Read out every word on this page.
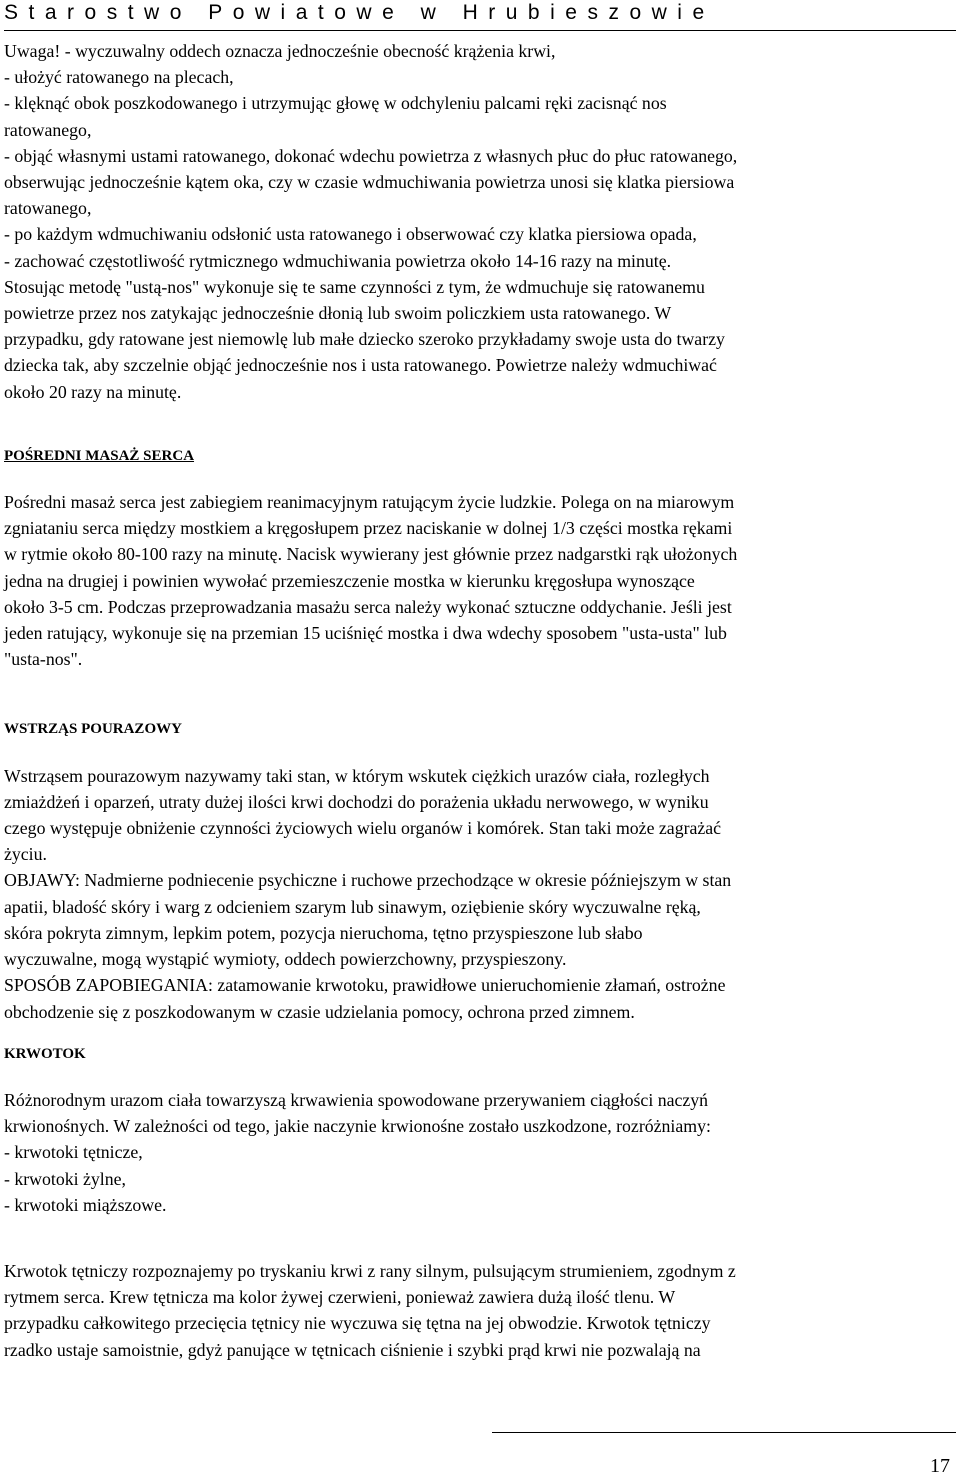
Starostwo Powiatowe w Hrubieszowie
Uwaga! - wyczuwalny oddech oznacza jednocześnie obecność krążenia krwi,
- ułożyć ratowanego na plecach,
- klęknąć obok poszkodowanego i utrzymując głowę w odchyleniu palcami ręki zacisnąć nos
ratowanego,
- objąć własnymi ustami ratowanego, dokonać wdechu powietrza z własnych płuc do płuc ratowanego,
obserwując jednocześnie kątem oka, czy w czasie wdmuchiwania powietrza unosi się klatka piersiowa
ratowanego,
- po każdym wdmuchiwaniu odsłonić usta ratowanego i obserwować czy klatka piersiowa opada,
- zachować częstotliwość rytmicznego wdmuchiwania powietrza około 14-16 razy na minutę.
Stosując metodę "ustą-nos" wykonuje się te same czynności z tym, że wdmuchuje się ratowanemu
powietrze przez nos zatykając jednocześnie dłonią lub swoim policzkiem usta ratowanego. W
przypadku, gdy ratowane jest niemowlę lub małe dziecko szeroko przykładamy swoje usta do twarzy
dziecka tak, aby szczelnie objąć jednocześnie nos i usta ratowanego. Powietrze należy wdmuchiwać
około 20 razy na minutę.
POŚREDNI MASAŻ SERCA
Pośredni masaż serca jest zabiegiem reanimacyjnym ratującym życie ludzkie. Polega on na miarowym
zgniataniu serca między mostkiem a kręgosłupem przez naciskanie w dolnej 1/3 części mostka rękami
w rytmie około 80-100 razy na minutę. Nacisk wywierany jest głównie przez nadgarstki rąk ułożonych
jedna na drugiej i powinien wywołać przemieszczenie mostka w kierunku kręgosłupa wynoszące
około 3-5 cm. Podczas przeprowadzania masażu serca należy wykonać sztuczne oddychanie. Jeśli jest
jeden ratujący, wykonuje się na przemian 15 uciśnięć mostka i dwa wdechy sposobem "usta-usta" lub
"usta-nos".
WSTRZĄS POURAZOWY
Wstrząsem pourazowym nazywamy taki stan, w którym wskutek ciężkich urazów ciała, rozległych
zmiażdżeń i oparzeń, utraty dużej ilości krwi dochodzi do porażenia układu nerwowego, w wyniku
czego występuje obniżenie czynności życiowych wielu organów i komórek. Stan taki może zagrażać
życiu.
OBJAWY: Nadmierne podniecenie psychiczne i ruchowe przechodzące w okresie późniejszym w stan
apatii, bladość skóry i warg z odcieniem szarym lub sinawym, oziębienie skóry wyczuwalne ręką,
skóra pokryta zimnym, lepkim potem, pozycja nieruchoma, tętno przyspieszone lub słabo
wyczuwalne, mogą wystąpić wymioty, oddech powierzchowny, przyspieszony.
SPOSÓB ZAPOBIEGANIA: zatamowanie krwotoku, prawidłowe unieruchomienie złamań, ostrożne
obchodzenie się z poszkodowanym w czasie udzielania pomocy, ochrona przed zimnem.
KRWOTOK
Różnorodnym urazom ciała towarzyszą krwawienia spowodowane przerywaniem ciągłości naczyń
krwionośnych. W zależności od tego, jakie naczynie krwionośne zostało uszkodzone, rozróżniamy:
- krwotoki tętnicze,
- krwotoki żylne,
- krwotoki miąższowe.
Krwotok tętniczy rozpoznajemy po tryskaniu krwi z rany silnym, pulsującym strumieniem, zgodnym z
rytmem serca. Krew tętnicza ma kolor żywej czerwieni, ponieważ zawiera dużą ilość tlenu. W
przypadku całkowitego przecięcia tętnicy nie wyczuwa się tętna na jej obwodzie. Krwotok tętniczy
rzadko ustaje samoistnie, gdyż panujące w tętnicach ciśnienie i szybki prąd krwi nie pozwalają na
17
